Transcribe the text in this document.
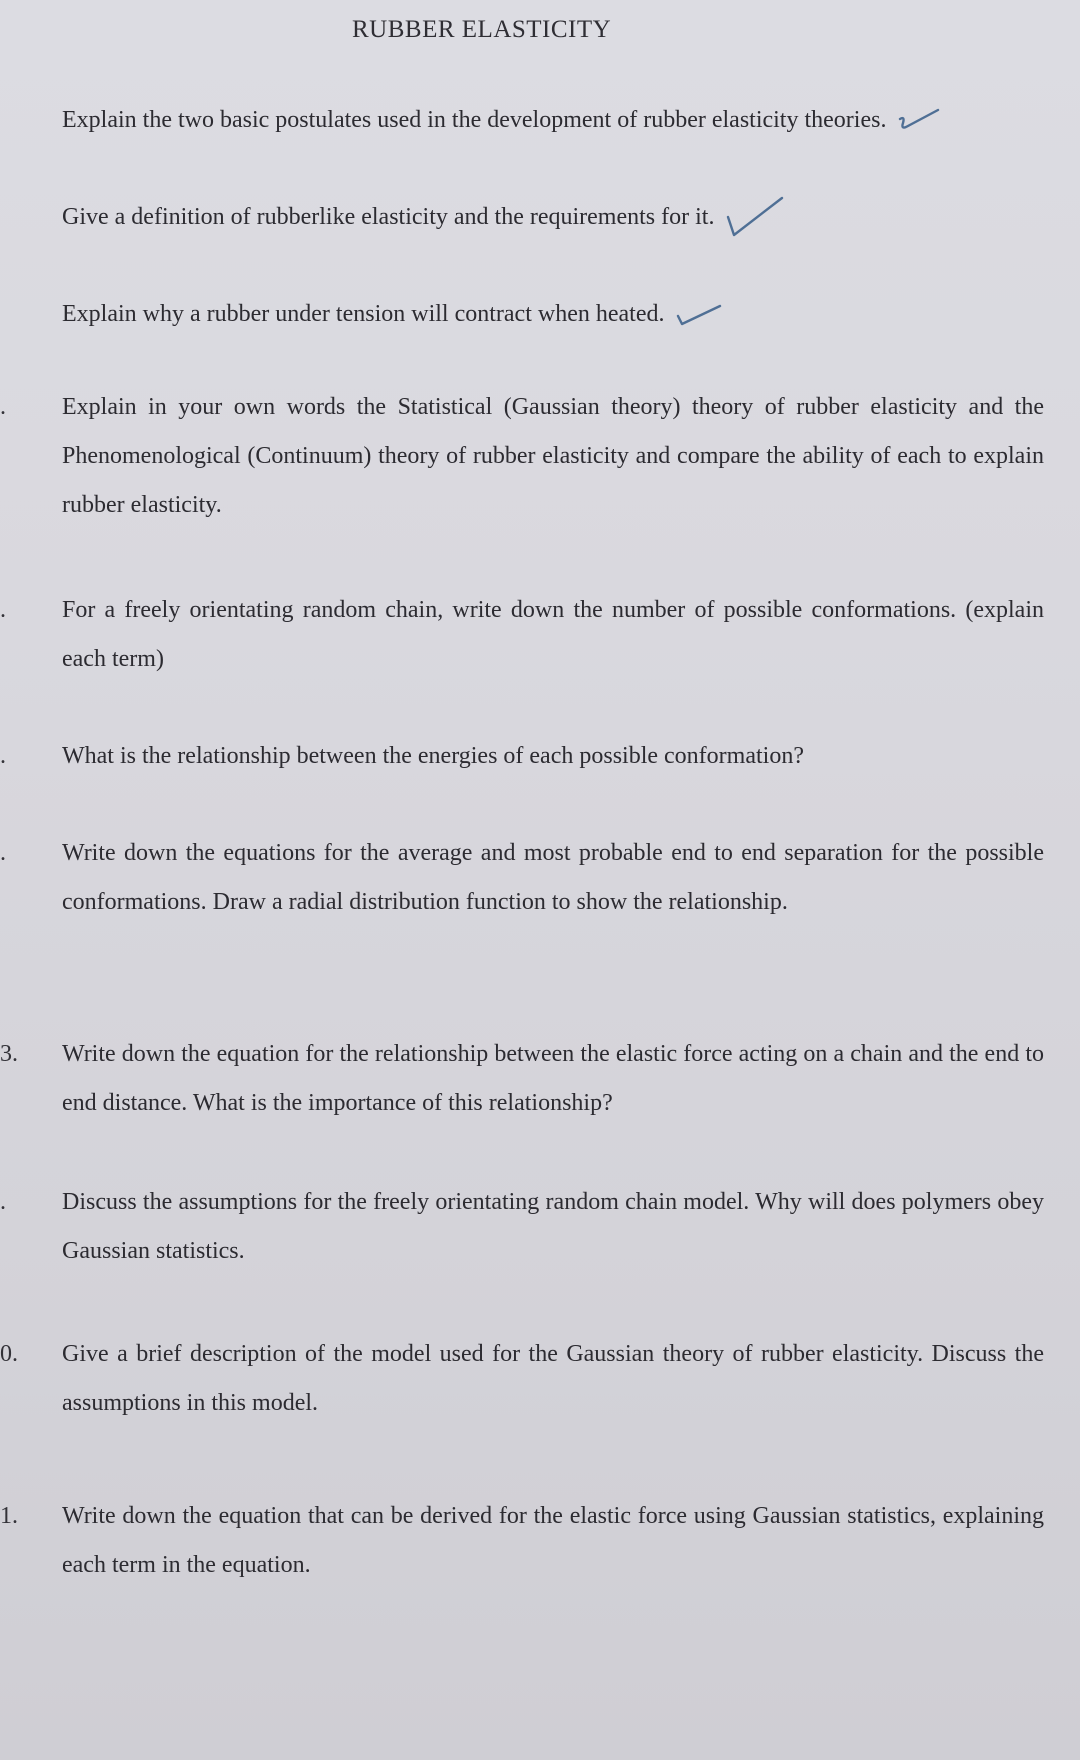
RUBBER ELASTICITY
Explain the two basic postulates used in the development of rubber elasticity theories.
Give a definition of rubberlike elasticity and the requirements for it.
Explain why a rubber under tension will contract when heated.
.	Explain in your own words the Statistical (Gaussian theory) theory of rubber elasticity and the Phenomenological (Continuum) theory of rubber elasticity and compare the ability of each to explain rubber elasticity.
.	For a freely orientating random chain, write down the number of possible conformations. (explain each term)
.	What is the relationship between the energies of each possible conformation?
.	Write down the equations for the average and most probable end to end separation for the possible conformations. Draw a radial distribution function to show the relationship.
3.	Write down the equation for the relationship between the elastic force acting on a chain and the end to end distance. What is the importance of this relationship?
.	Discuss the assumptions for the freely orientating random chain model. Why will does polymers obey Gaussian statistics.
0.	Give a brief description of the model used for the Gaussian theory of rubber elasticity. Discuss the assumptions in this model.
1.	Write down the equation that can be derived for the elastic force using Gaussian statistics, explaining each term in the equation.
